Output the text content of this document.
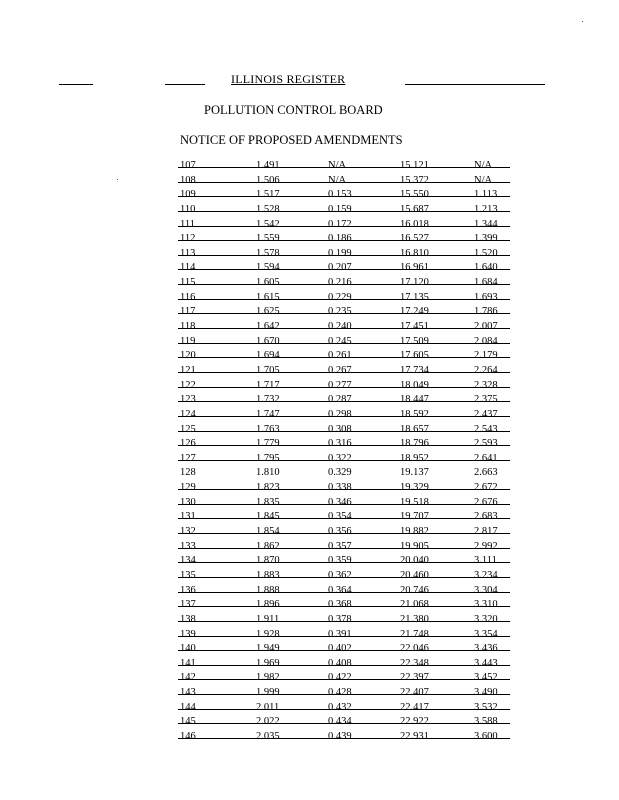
ILLINOIS REGISTER
POLLUTION CONTROL BOARD
NOTICE OF PROPOSED AMENDMENTS
107	1.491	N/A	15.121	N/A
108	1.506	N/A	15.372	N/A
109	1.517	0.153	15.550	1.113
110	1.528	0.159	15.687	1.213
111	1.542	0.172	16.018	1.344
112	1.559	0.186	16.527	1.399
113	1.578	0.199	16.810	1.520
114	1.594	0.207	16.961	1.640
115	1.605	0.216	17.120	1.684
116	1.615	0.229	17.135	1.693
117	1.625	0.235	17.249	1.786
118	1.642	0.240	17.451	2.007
119	1.670	0.245	17.509	2.084
120	1.694	0.261	17.605	2.179
121	1.705	0.267	17.734	2.264
122	1.717	0.277	18.049	2.328
123	1.732	0.287	18.447	2.375
124	1.747	0.298	18.592	2.437
125	1.763	0.308	18.657	2.543
126	1.779	0.316	18.796	2.593
127	1.795	0.322	18.952	2.641
128	1.810	0.329	19.137	2.663
129	1.823	0.338	19.329	2.672
130	1.835	0.346	19.518	2.676
131	1.845	0.354	19.707	2.683
132	1.854	0.356	19.882	2.817
133	1.862	0.357	19.905	2.992
134	1.870	0.359	20.040	3.111
135	1.883	0.362	20.460	3.234
136	1.888	0.364	20.746	3.304
137	1.896	0.368	21.068	3.310
138	1.911	0.378	21.380	3.320
139	1.928	0.391	21.748	3.354
140	1.949	0.402	22.046	3.436
141	1.969	0.408	22.348	3.443
142	1.982	0.422	22.397	3.452
143	1.999	0.428	22.407	3.490
144	2.011	0.432	22.417	3.532
145	2.022	0.434	22.922	3.588
146	2.035	0.439	22.931	3.600
